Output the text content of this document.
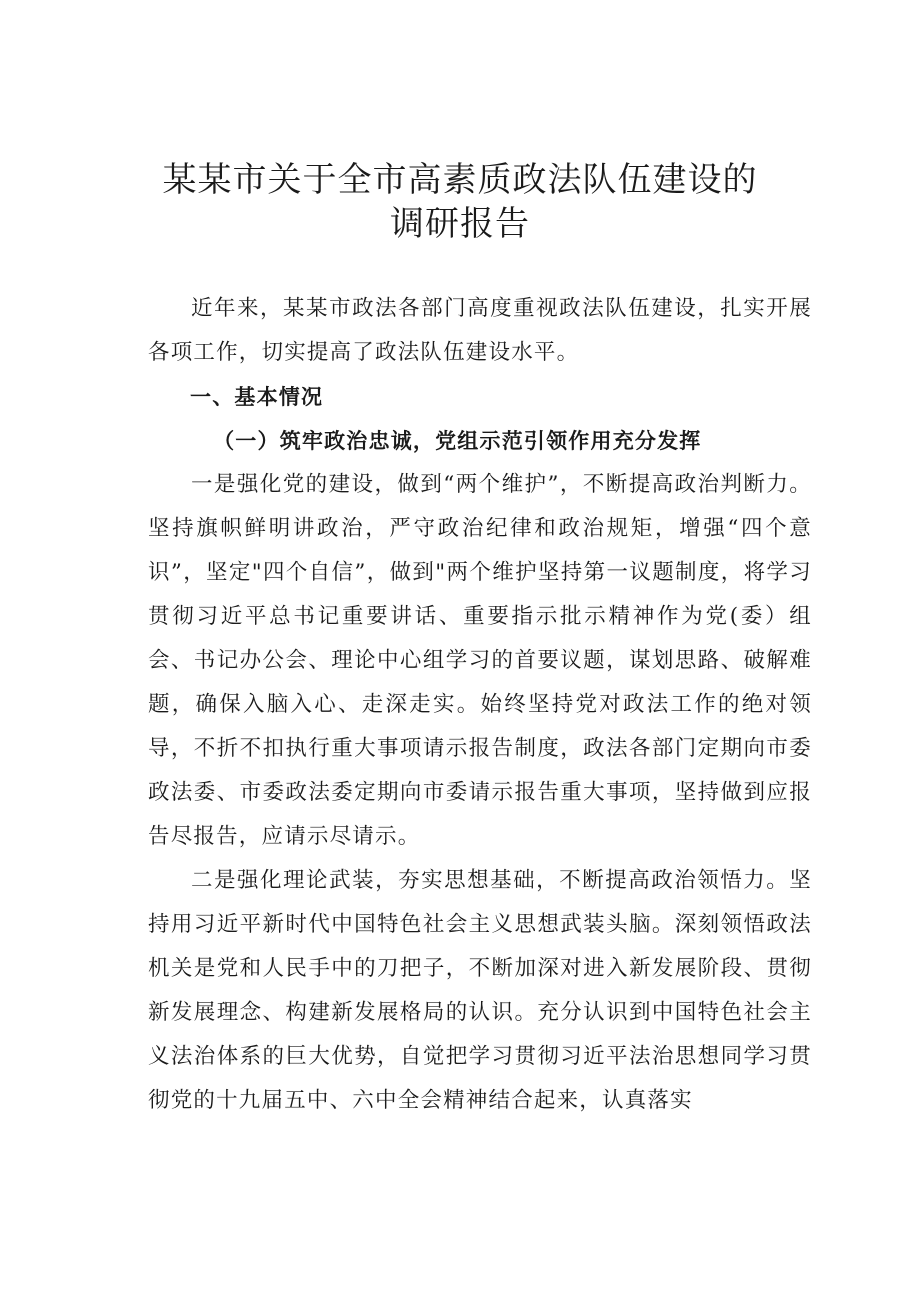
某某市关于全市高素质政法队伍建设的
调研报告

近年来，某某市政法各部门高度重视政法队伍建设，扎实开展各项工作，切实提高了政法队伍建设水平。

一、基本情况

（一）筑牢政治忠诚，党组示范引领作用充分发挥

一是强化党的建设，做到“两个维护”，不断提高政治判断力。坚持旗帜鲜明讲政治，严守政治纪律和政治规矩，增强“四个意识”，坚定"四个自信”，做到"两个维护坚持第一议题制度，将学习贯彻习近平总书记重要讲话、重要指示批示精神作为党(委）组会、书记办公会、理论中心组学习的首要议题，谋划思路、破解难题，确保入脑入心、走深走实。始终坚持党对政法工作的绝对领导，不折不扣执行重大事项请示报告制度，政法各部门定期向市委政法委、市委政法委定期向市委请示报告重大事项，坚持做到应报告尽报告，应请示尽请示。

二是强化理论武装，夯实思想基础，不断提高政治领悟力。坚持用习近平新时代中国特色社会主义思想武装头脑。深刻领悟政法机关是党和人民手中的刀把子，不断加深对进入新发展阶段、贯彻新发展理念、构建新发展格局的认识。充分认识到中国特色社会主义法治体系的巨大优势，自觉把学习贯彻习近平法治思想同学习贯彻党的十九届五中、六中全会精神结合起来，认真落实
